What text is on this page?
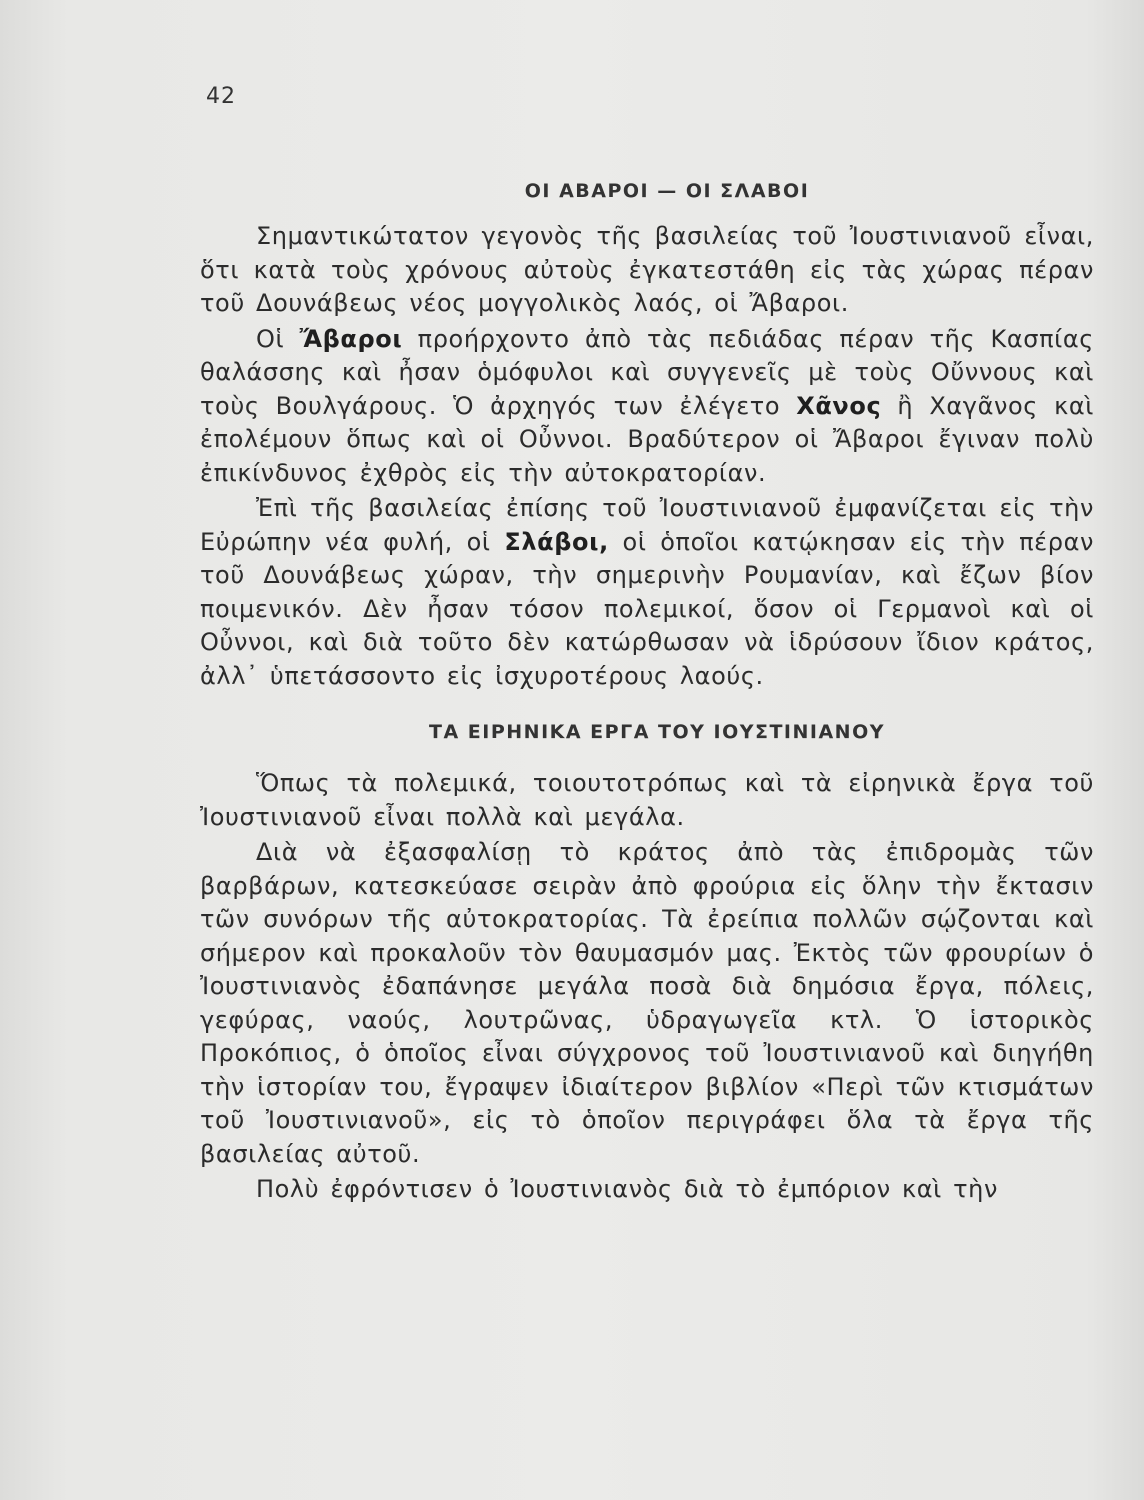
42
ΟΙ ΑΒΑΡΟΙ — ΟΙ ΣΛΑΒΟΙ

Σημαντικώτατον γεγονὸς τῆς βασιλείας τοῦ Ἰουστινιανοῦ εἶναι, ὅτι κατὰ τοὺς χρόνους αὐτοὺς ἐγκατεστάθη εἰς τὰς χώρας πέραν τοῦ Δουνάβεως νέος μογγολικὸς λαός, οἱ Ἄβαροι.

Οἱ Ἄβαροι προήρχοντο ἀπὸ τὰς πεδιάδας πέραν τῆς Κασπίας θαλάσσης καὶ ἦσαν ὁμόφυλοι καὶ συγγενεῖς μὲ τοὺς Οὔννους καὶ τοὺς Βουλγάρους. Ὁ ἀρχηγός των ἐλέγετο Χᾶνος ἢ Χαγᾶνος καὶ ἐπολέμουν ὅπως καὶ οἱ Οὖννοι. Βραδύτερον οἱ Ἄβαροι ἔγιναν πολὺ ἐπικίνδυνος ἐχθρὸς εἰς τὴν αὐτοκρατορίαν.

Ἐπὶ τῆς βασιλείας ἐπίσης τοῦ Ἰουστινιανοῦ ἐμφανίζεται εἰς τὴν Εὐρώπην νέα φυλή, οἱ Σλάβοι, οἱ ὁποῖοι κατῴκησαν εἰς τὴν πέραν τοῦ Δουνάβεως χώραν, τὴν σημερινὴν Ρουμανίαν, καὶ ἔζων βίον ποιμενικόν. Δὲν ἦσαν τόσον πολεμικοί, ὅσον οἱ Γερμανοὶ καὶ οἱ Οὖννοι, καὶ διὰ τοῦτο δὲν κατώρθωσαν νὰ ἱδρύσουν ἴδιον κράτος, ἀλλ᾽ ὑπετάσσοντο εἰς ἰσχυροτέρους λαούς.

ΤΑ ΕΙΡΗΝΙΚΑ ΕΡΓΑ ΤΟΥ ΙΟΥΣΤΙΝΙΑΝΟΥ

Ὅπως τὰ πολεμικά, τοιουτοτρόπως καὶ τὰ εἰρηνικὰ ἔργα τοῦ Ἰουστινιανοῦ εἶναι πολλὰ καὶ μεγάλα.

Διὰ νὰ ἐξασφαλίσῃ τὸ κράτος ἀπὸ τὰς ἐπιδρομὰς τῶν βαρβάρων, κατεσκεύασε σειρὰν ἀπὸ φρούρια εἰς ὅλην τὴν ἔκτασιν τῶν συνόρων τῆς αὐτοκρατορίας. Τὰ ἐρείπια πολλῶν σῴζονται καὶ σήμερον καὶ προκαλοῦν τὸν θαυμασμόν μας. Ἐκτὸς τῶν φρουρίων ὁ Ἰουστινιανὸς ἐδαπάνησε μεγάλα ποσὰ διὰ δημόσια ἔργα, πόλεις, γεφύρας, ναούς, λουτρῶνας, ὑδραγωγεῖα κτλ. Ὁ ἱστορικὸς Προκόπιος, ὁ ὁποῖος εἶναι σύγχρονος τοῦ Ἰουστινιανοῦ καὶ διηγήθη τὴν ἱστορίαν του, ἔγραψεν ἰδιαίτερον βιβλίον «Περὶ τῶν κτισμάτων τοῦ Ἰουστινιανοῦ», εἰς τὸ ὁποῖον περιγράφει ὅλα τὰ ἔργα τῆς βασιλείας αὐτοῦ.

Πολὺ ἐφρόντισεν ὁ Ἰουστινιανὸς διὰ τὸ ἐμπόριον καὶ τὴν
